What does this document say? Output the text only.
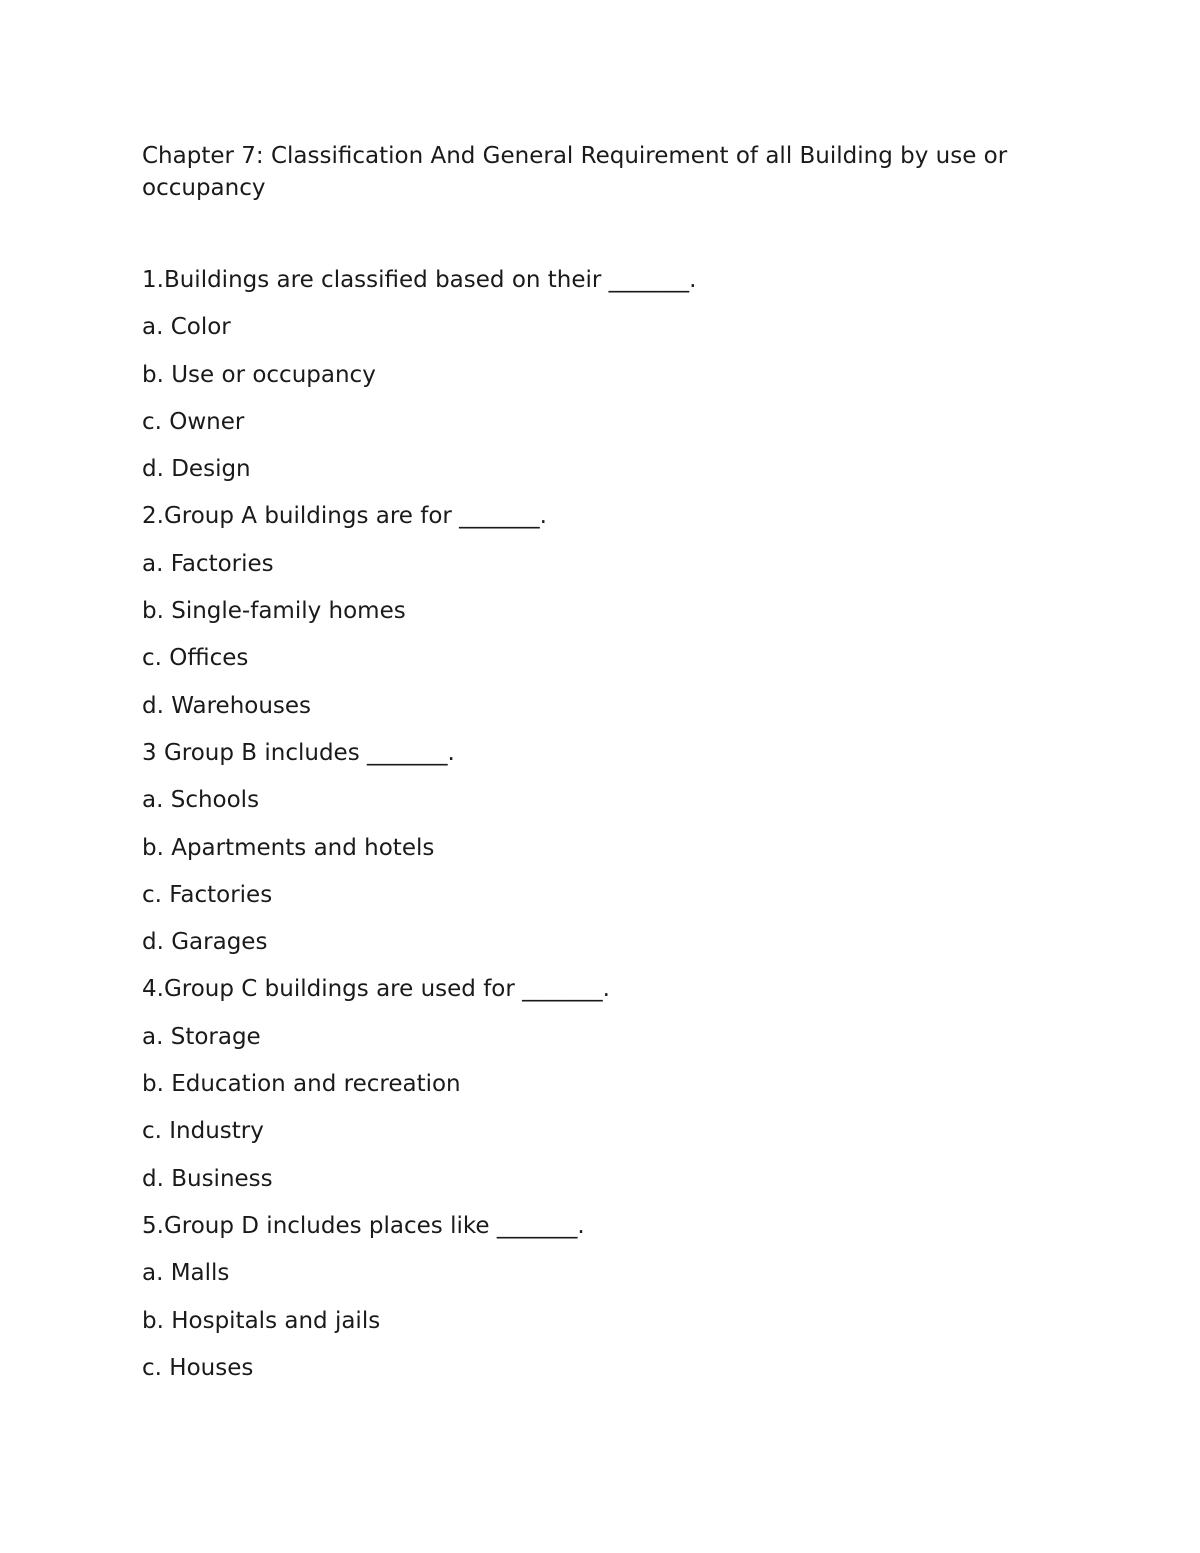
Chapter 7: Classification And General Requirement of all Building by use or occupancy

1.Buildings are classified based on their _______.

a. Color

b. Use or occupancy

c. Owner

d. Design

2.Group A buildings are for _______.

a. Factories

b. Single-family homes

c. Offices

d. Warehouses

3 Group B includes _______.

a. Schools

b. Apartments and hotels

c. Factories

d. Garages

4.Group C buildings are used for _______.

a. Storage

b. Education and recreation

c. Industry

d. Business

5.Group D includes places like _______.

a. Malls

b. Hospitals and jails

c. Houses
